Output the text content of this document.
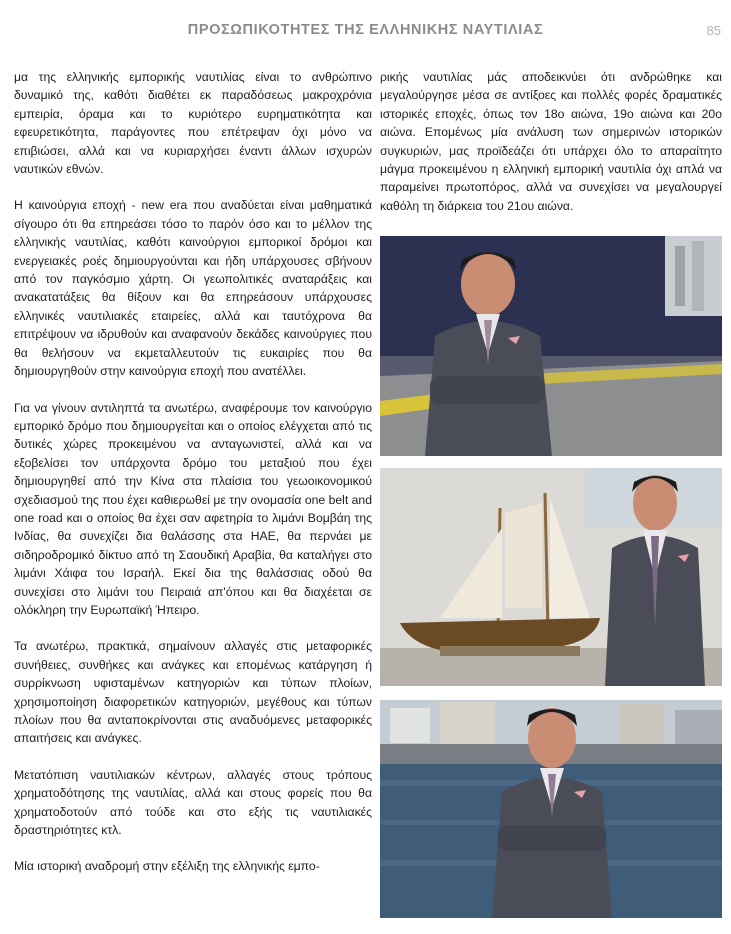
ΠΡΟΣΩΠΙΚΟΤΗΤΕΣ ΤΗΣ ΕΛΛΗΝΙΚΗΣ ΝΑΥΤΙΛΙΑΣ	85

μα της ελληνικής εμπορικής ναυτιλίας είναι το ανθρώπινο δυναμικό της, καθότι διαθέτει εκ παραδόσεως μακροχρόνια εμπειρία, όραμα και το κυριότερο ευρηματικότητα και εφευρετικότητα, παράγοντες που επέτρεψαν όχι μόνο να επιβιώσει, αλλά και να κυριαρχήσει έναντι άλλων ισχυρών ναυτικών εθνών.

Η καινούργια εποχή - new era που αναδύεται είναι μαθηματικά σίγουρο ότι θα επηρεάσει τόσο το παρόν όσο και το μέλλον της ελληνικής ναυτιλίας, καθότι καινούργιοι εμπορικοί δρόμοι και ενεργειακές ροές δημιουργούνται και ήδη υπάρχουσες σβήνουν από τον παγκόσμιο χάρτη. Οι γεωπολιτικές αναταράξεις και ανακατατάξεις θα θίξουν και θα επηρεάσουν υπάρχουσες ελληνικές ναυτιλιακές εταιρείες, αλλά και ταυτόχρονα θα επιτρέψουν να ιδρυθούν και αναφανούν δεκάδες καινούργιες που θα θελήσουν να εκμεταλλευτούν τις ευκαιρίες που θα δημιουργηθούν στην καινούργια εποχή που ανατέλλει.

Για να γίνουν αντιληπτά τα ανωτέρω, αναφέρουμε τον καινούργιο εμπορικό δρόμο που δημιουργείται και ο οποίος ελέγχεται από τις δυτικές χώρες προκειμένου να ανταγωνιστεί, αλλά και να εξοβελίσει τον υπάρχοντα δρόμο του μεταξιού που έχει δημιουργηθεί από την Κίνα στα πλαίσια του γεωοικονομικού σχεδιασμού της που έχει καθιερωθεί με την ονομασία one belt and one road και ο οποίος θα έχει σαν αφετηρία το λιμάνι Βομβάη της Ινδίας, θα συνεχίζει δια θαλάσσης στα ΗΑΕ, θα περνάει με σιδηροδρομικό δίκτυο από τη Σαουδική Αραβία, θα καταλήγει στο λιμάνι Χάιφα του Ισραήλ. Εκεί δια της θαλάσσιας οδού θα συνεχίσει στο λιμάνι του Πειραιά απ'όπου και θα διαχέεται σε ολόκληρη την Ευρωπαϊκή Ήπειρο.

Τα ανωτέρω, πρακτικά, σημαίνουν αλλαγές στις μεταφορικές συνήθειες, συνθήκες και ανάγκες και επομένως κατάργηση ή συρρίκνωση υφισταμένων κατηγοριών και τύπων πλοίων, χρησιμοποίηση διαφορετικών κατηγοριών, μεγέθους και τύπων πλοίων που θα ανταποκρίνονται στις αναδυόμενες μεταφορικές απαιτήσεις και ανάγκες.

Μετατόπιση ναυτιλιακών κέντρων, αλλαγές στους τρόπους χρηματοδότησης της ναυτιλίας, αλλά και στους φορείς που θα χρηματοδοτούν από τούδε και στο εξής τις ναυτιλιακές δραστηριότητες κτλ.

Μία ιστορική αναδρομή στην εξέλιξη της ελληνικής εμπο-

ρικής ναυτιλίας μάς αποδεικνύει ότι ανδρώθηκε και μεγαλούργησε μέσα σε αντίξοες και πολλές φορές δραματικές ιστορικές εποχές, όπως τον 18ο αιώνα, 19ο αιώνα και 20ο αιώνα. Επομένως μία ανάλυση των σημερινών ιστορικών συγκυριών, μας προϊδεάζει ότι υπάρχει όλο το απαραίτητο μάγμα προκειμένου η ελληνική εμπορική ναυτιλία όχι απλά να παραμείνει πρωτοπόρος, αλλά να συνεχίσει να μεγαλουργεί καθόλη τη διάρκεια του 21ου αιώνα.
